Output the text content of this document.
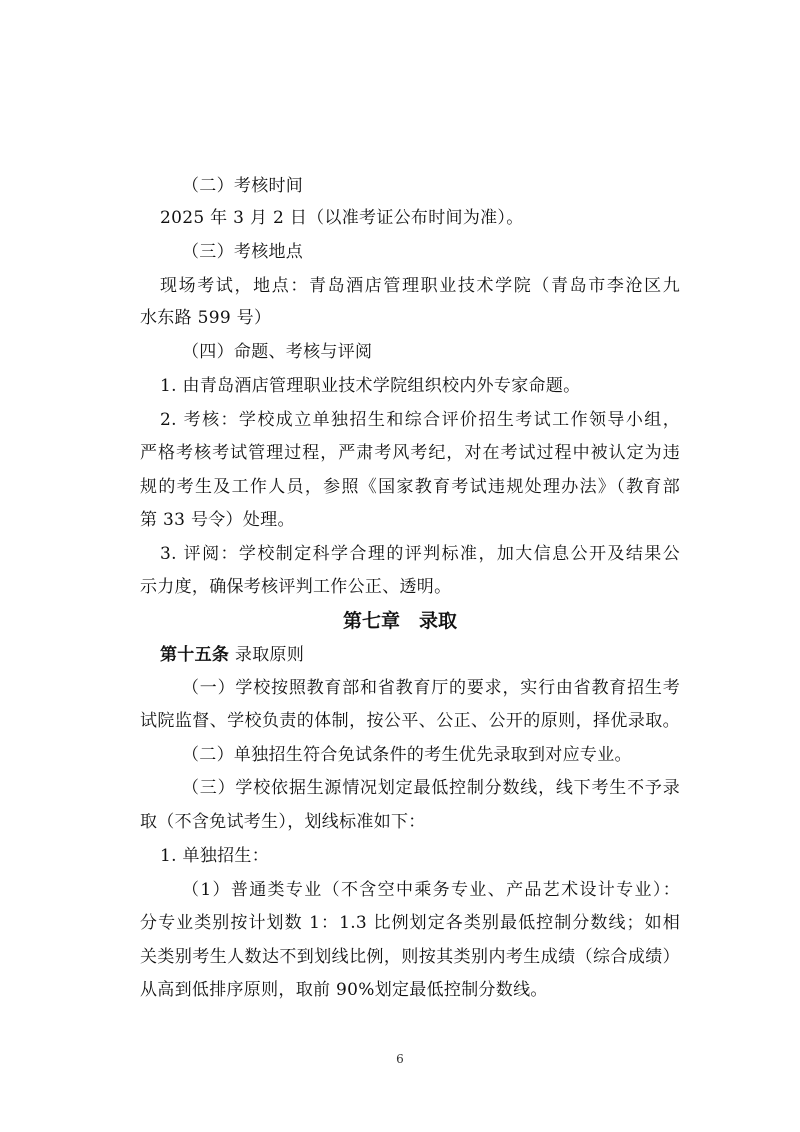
（二）考核时间
2025 年 3 月 2 日（以准考证公布时间为准）。
（三）考核地点
现场考试，地点：青岛酒店管理职业技术学院（青岛市李沧区九
水东路 599 号）
（四）命题、考核与评阅
1. 由青岛酒店管理职业技术学院组织校内外专家命题。
2. 考核：学校成立单独招生和综合评价招生考试工作领导小组，
严格考核考试管理过程，严肃考风考纪，对在考试过程中被认定为违
规的考生及工作人员，参照《国家教育考试违规处理办法》（教育部
第 33 号令）处理。
3. 评阅：学校制定科学合理的评判标准，加大信息公开及结果公
示力度，确保考核评判工作公正、透明。
第七章　录取
第十五条 录取原则
（一）学校按照教育部和省教育厅的要求，实行由省教育招生考
试院监督、学校负责的体制，按公平、公正、公开的原则，择优录取。
（二）单独招生符合免试条件的考生优先录取到对应专业。
（三）学校依据生源情况划定最低控制分数线，线下考生不予录
取（不含免试考生），划线标准如下：
1. 单独招生：
（1）普通类专业（不含空中乘务专业、产品艺术设计专业）：
分专业类别按计划数 1：1.3 比例划定各类别最低控制分数线；如相
关类别考生人数达不到划线比例，则按其类别内考生成绩（综合成绩）
从高到低排序原则，取前 90%划定最低控制分数线。
6
